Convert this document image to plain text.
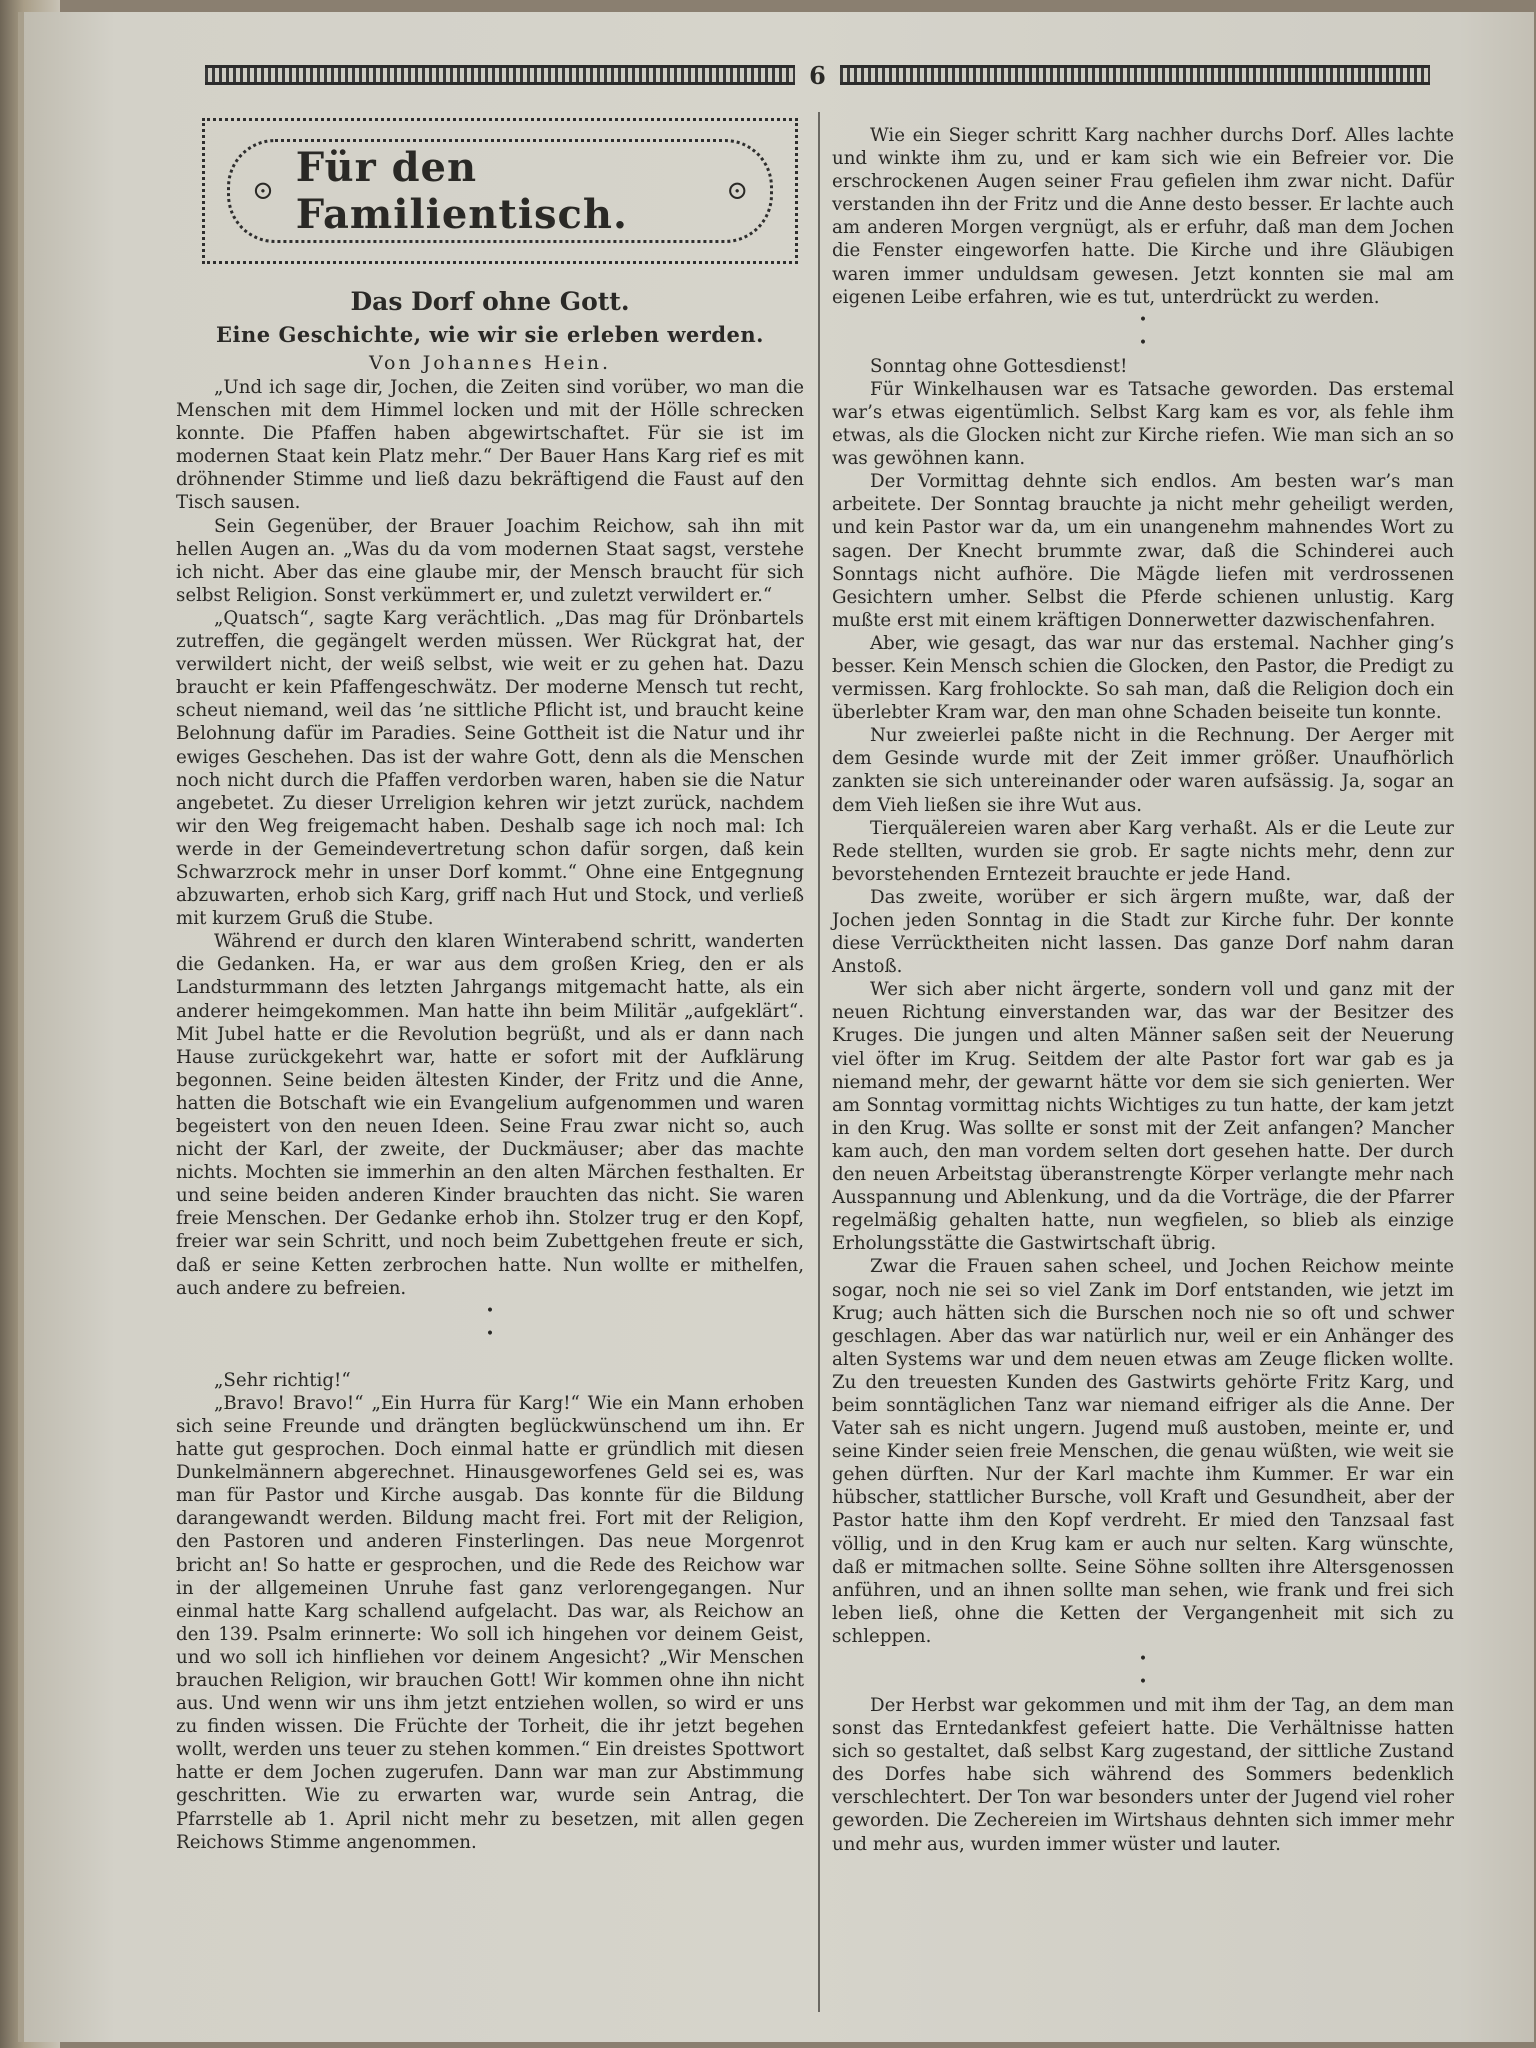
6
⊙ Für den Familientisch.	⊙
Das Dorf ohne Gott.
Eine Geschichte, wie wir sie erleben werden.
Von Johannes Hein.

„Und ich sage dir, Jochen, die Zeiten sind vorüber, wo man die Menschen mit dem Himmel locken und mit der Hölle schrecken konnte. Die Pfaffen haben abgewirtschaftet. Für sie ist im modernen Staat kein Platz mehr.“ Der Bauer Hans Karg rief es mit dröhnender Stimme und ließ dazu bekräftigend die Faust auf den Tisch sausen.

Sein Gegenüber, der Brauer Joachim Reichow, sah ihn mit hellen Augen an. „Was du da vom modernen Staat sagst, verstehe ich nicht. Aber das eine glaube mir, der Mensch braucht für sich selbst Religion. Sonst verkümmert er, und zuletzt verwildert er.“

„Quatsch“, sagte Karg verächtlich. „Das mag für Drönbartels zutreffen, die gegängelt werden müssen. Wer Rückgrat hat, der verwildert nicht, der weiß selbst, wie weit er zu gehen hat. Dazu braucht er kein Pfaffengeschwätz. Der moderne Mensch tut recht, scheut niemand, weil das ’ne sittliche Pflicht ist, und braucht keine Belohnung dafür im Paradies. Seine Gottheit ist die Natur und ihr ewiges Geschehen. Das ist der wahre Gott, denn als die Menschen noch nicht durch die Pfaffen verdorben waren, haben sie die Natur angebetet. Zu dieser Urreligion kehren wir jetzt zurück, nachdem wir den Weg freigemacht haben. Deshalb sage ich noch mal: Ich werde in der Gemeindevertretung schon dafür sorgen, daß kein Schwarzrock mehr in unser Dorf kommt.“ Ohne eine Entgegnung abzuwarten, erhob sich Karg, griff nach Hut und Stock, und verließ mit kurzem Gruß die Stube.

Während er durch den klaren Winterabend schritt, wanderten die Gedanken. Ha, er war aus dem großen Krieg, den er als Landsturmmann des letzten Jahrgangs mitgemacht hatte, als ein anderer heimgekommen. Man hatte ihn beim Militär „aufgeklärt“. Mit Jubel hatte er die Revolution begrüßt, und als er dann nach Hause zurückgekehrt war, hatte er sofort mit der Aufklärung begonnen. Seine beiden ältesten Kinder, der Fritz und die Anne, hatten die Botschaft wie ein Evangelium aufgenommen und waren begeistert von den neuen Ideen. Seine Frau zwar nicht so, auch nicht der Karl, der zweite, der Duckmäuser; aber das machte nichts. Mochten sie immerhin an den alten Märchen festhalten. Er und seine beiden anderen Kinder brauchten das nicht. Sie waren freie Menschen. Der Gedanke erhob ihn. Stolzer trug er den Kopf, freier war sein Schritt, und noch beim Zubettgehen freute er sich, daß er seine Ketten zerbrochen hatte. Nun wollte er mithelfen, auch andere zu befreien.

•
•

„Sehr richtig!“

„Bravo! Bravo!“ „Ein Hurra für Karg!“ Wie ein Mann erhoben sich seine Freunde und drängten beglückwünschend um ihn. Er hatte gut gesprochen. Doch einmal hatte er gründlich mit diesen Dunkelmännern abgerechnet. Hinausgeworfenes Geld sei es, was man für Pastor und Kirche ausgab. Das konnte für die Bildung darangewandt werden. Bildung macht frei. Fort mit der Religion, den Pastoren und anderen Finsterlingen. Das neue Morgenrot bricht an! So hatte er gesprochen, und die Rede des Reichow war in der allgemeinen Unruhe fast ganz verlorengegangen. Nur einmal hatte Karg schallend aufgelacht. Das war, als Reichow an den 139. Psalm erinnerte: Wo soll ich hingehen vor deinem Geist, und wo soll ich hinfliehen vor deinem Angesicht? „Wir Menschen brauchen Religion, wir brauchen Gott! Wir kommen ohne ihn nicht aus. Und wenn wir uns ihm jetzt entziehen wollen, so wird er uns zu finden wissen. Die Früchte der Torheit, die ihr jetzt begehen wollt, werden uns teuer zu stehen kommen.“ Ein dreistes Spottwort hatte er dem Jochen zugerufen. Dann war man zur Abstimmung geschritten. Wie zu erwarten war, wurde sein Antrag, die Pfarrstelle ab 1. April nicht mehr zu besetzen, mit allen gegen Reichows Stimme angenommen.

Wie ein Sieger schritt Karg nachher durchs Dorf. Alles lachte und winkte ihm zu, und er kam sich wie ein Befreier vor. Die erschrockenen Augen seiner Frau gefielen ihm zwar nicht. Dafür verstanden ihn der Fritz und die Anne desto besser. Er lachte auch am anderen Morgen vergnügt, als er erfuhr, daß man dem Jochen die Fenster eingeworfen hatte. Die Kirche und ihre Gläubigen waren immer unduldsam gewesen. Jetzt konnten sie mal am eigenen Leibe erfahren, wie es tut, unterdrückt zu werden.

•
•

Sonntag ohne Gottesdienst!

Für Winkelhausen war es Tatsache geworden. Das erstemal war’s etwas eigentümlich. Selbst Karg kam es vor, als fehle ihm etwas, als die Glocken nicht zur Kirche riefen. Wie man sich an so was gewöhnen kann.

Der Vormittag dehnte sich endlos. Am besten war’s man arbeitete. Der Sonntag brauchte ja nicht mehr geheiligt werden, und kein Pastor war da, um ein unangenehm mahnendes Wort zu sagen. Der Knecht brummte zwar, daß die Schinderei auch Sonntags nicht aufhöre. Die Mägde liefen mit verdrossenen Gesichtern umher. Selbst die Pferde schienen unlustig. Karg mußte erst mit einem kräftigen Donnerwetter dazwischenfahren.

Aber, wie gesagt, das war nur das erstemal. Nachher ging’s besser. Kein Mensch schien die Glocken, den Pastor, die Predigt zu vermissen. Karg frohlockte. So sah man, daß die Religion doch ein überlebter Kram war, den man ohne Schaden beiseite tun konnte.

Nur zweierlei paßte nicht in die Rechnung. Der Aerger mit dem Gesinde wurde mit der Zeit immer größer. Unaufhörlich zankten sie sich untereinander oder waren aufsässig. Ja, sogar an dem Vieh ließen sie ihre Wut aus.

Tierquälereien waren aber Karg verhaßt. Als er die Leute zur Rede stellten, wurden sie grob. Er sagte nichts mehr, denn zur bevorstehenden Erntezeit brauchte er jede Hand.

Das zweite, worüber er sich ärgern mußte, war, daß der Jochen jeden Sonntag in die Stadt zur Kirche fuhr. Der konnte diese Verrücktheiten nicht lassen. Das ganze Dorf nahm daran Anstoß.

Wer sich aber nicht ärgerte, sondern voll und ganz mit der neuen Richtung einverstanden war, das war der Besitzer des Kruges. Die jungen und alten Männer saßen seit der Neuerung viel öfter im Krug. Seitdem der alte Pastor fort war gab es ja niemand mehr, der gewarnt hätte vor dem sie sich genierten. Wer am Sonntag vormittag nichts Wichtiges zu tun hatte, der kam jetzt in den Krug. Was sollte er sonst mit der Zeit anfangen? Mancher kam auch, den man vordem selten dort gesehen hatte. Der durch den neuen Arbeitstag überanstrengte Körper verlangte mehr nach Ausspannung und Ablenkung, und da die Vorträge, die der Pfarrer regelmäßig gehalten hatte, nun wegfielen, so blieb als einzige Erholungsstätte die Gastwirtschaft übrig.

Zwar die Frauen sahen scheel, und Jochen Reichow meinte sogar, noch nie sei so viel Zank im Dorf entstanden, wie jetzt im Krug; auch hätten sich die Burschen noch nie so oft und schwer geschlagen. Aber das war natürlich nur, weil er ein Anhänger des alten Systems war und dem neuen etwas am Zeuge flicken wollte. Zu den treuesten Kunden des Gastwirts gehörte Fritz Karg, und beim sonntäglichen Tanz war niemand eifriger als die Anne. Der Vater sah es nicht ungern. Jugend muß austoben, meinte er, und seine Kinder seien freie Menschen, die genau wüßten, wie weit sie gehen dürften. Nur der Karl machte ihm Kummer. Er war ein hübscher, stattlicher Bursche, voll Kraft und Gesundheit, aber der Pastor hatte ihm den Kopf verdreht. Er mied den Tanzsaal fast völlig, und in den Krug kam er auch nur selten. Karg wünschte, daß er mitmachen sollte. Seine Söhne sollten ihre Altersgenossen anführen, und an ihnen sollte man sehen, wie frank und frei sich leben ließ, ohne die Ketten der Vergangenheit mit sich zu schleppen.

•
•

Der Herbst war gekommen und mit ihm der Tag, an dem man sonst das Erntedankfest gefeiert hatte. Die Verhältnisse hatten sich so gestaltet, daß selbst Karg zugestand, der sittliche Zustand des Dorfes habe sich während des Sommers bedenklich verschlechtert. Der Ton war besonders unter der Jugend viel roher geworden. Die Zechereien im Wirtshaus dehnten sich immer mehr und mehr aus, wurden immer wüster und lauter.
